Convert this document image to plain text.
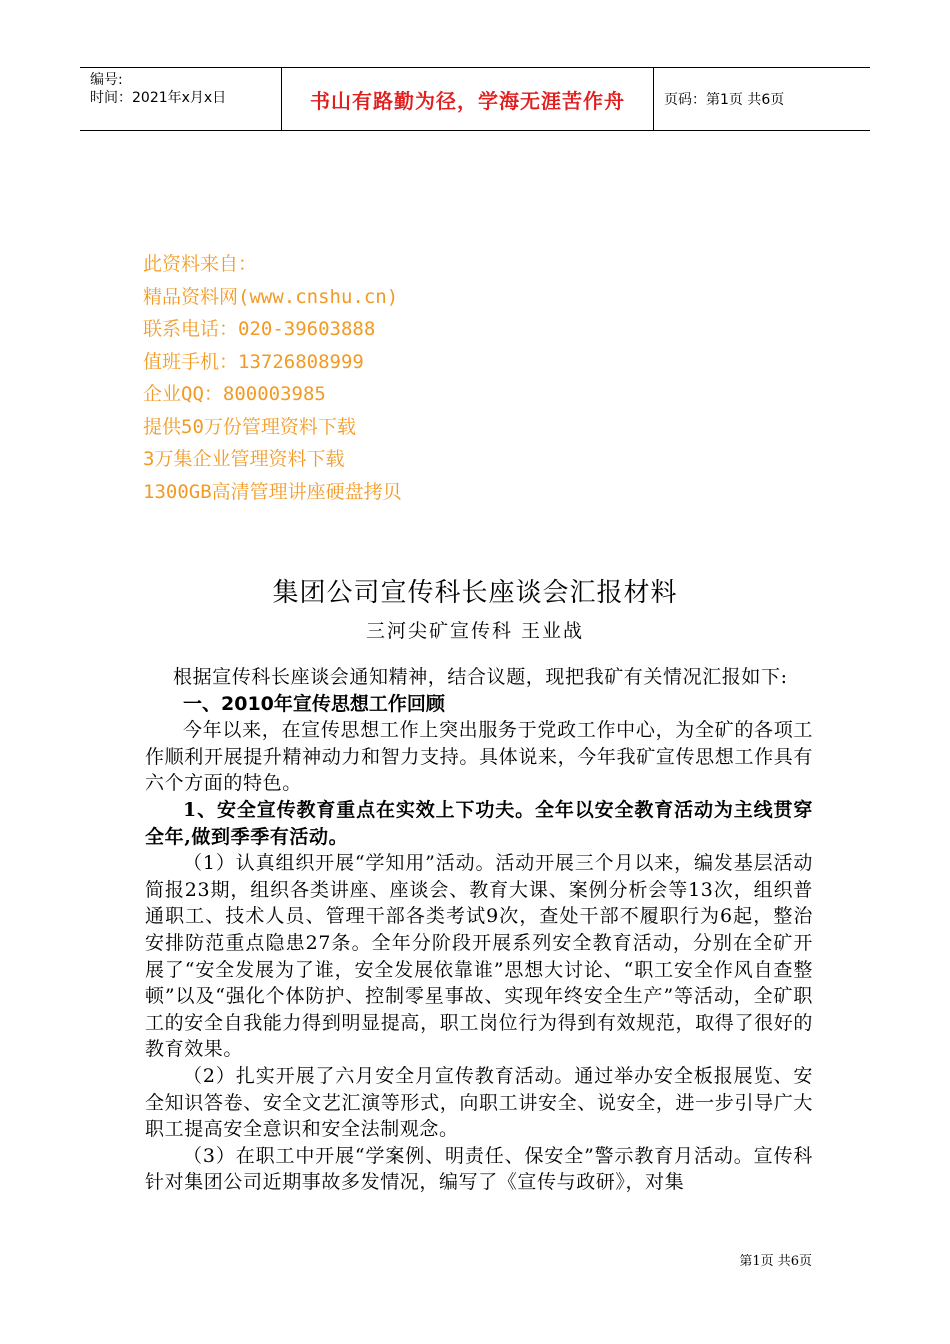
编号:
时间：2021年x月x日	书山有路勤为径，学海无涯苦作舟	页码：第1页 共6页
此资料来自：
精品资料网(www.cnshu.cn)
联系电话：020-39603888
值班手机：13726808999
企业QQ：800003985
提供50万份管理资料下载
3万集企业管理资料下载
1300GB高清管理讲座硬盘拷贝
集团公司宣传科长座谈会汇报材料
三河尖矿宣传科 王业战

根据宣传科长座谈会通知精神，结合议题，现把我矿有关情况汇报如下:

一、2010年宣传思想工作回顾

今年以来，在宣传思想工作上突出服务于党政工作中心，为全矿的各项工作顺利开展提升精神动力和智力支持。具体说来，今年我矿宣传思想工作具有六个方面的特色。

1、安全宣传教育重点在实效上下功夫。全年以安全教育活动为主线贯穿全年,做到季季有活动。

（1）认真组织开展“学知用”活动。活动开展三个月以来，编发基层活动简报23期，组织各类讲座、座谈会、教育大课、案例分析会等13次，组织普通职工、技术人员、管理干部各类考试9次，查处干部不履职行为6起，整治安排防范重点隐患27条。全年分阶段开展系列安全教育活动，分别在全矿开展了“安全发展为了谁，安全发展依靠谁”思想大讨论、“职工安全作风自查整顿”以及“强化个体防护、控制零星事故、实现年终安全生产”等活动，全矿职工的安全自我能力得到明显提高，职工岗位行为得到有效规范，取得了很好的教育效果。

（2）扎实开展了六月安全月宣传教育活动。通过举办安全板报展览、安全知识答卷、安全文艺汇演等形式，向职工讲安全、说安全，进一步引导广大职工提高安全意识和安全法制观念。

（3）在职工中开展“学案例、明责任、保安全”警示教育月活动。宣传科针对集团公司近期事故多发情况，编写了《宣传与政研》，对集

第1页 共6页
